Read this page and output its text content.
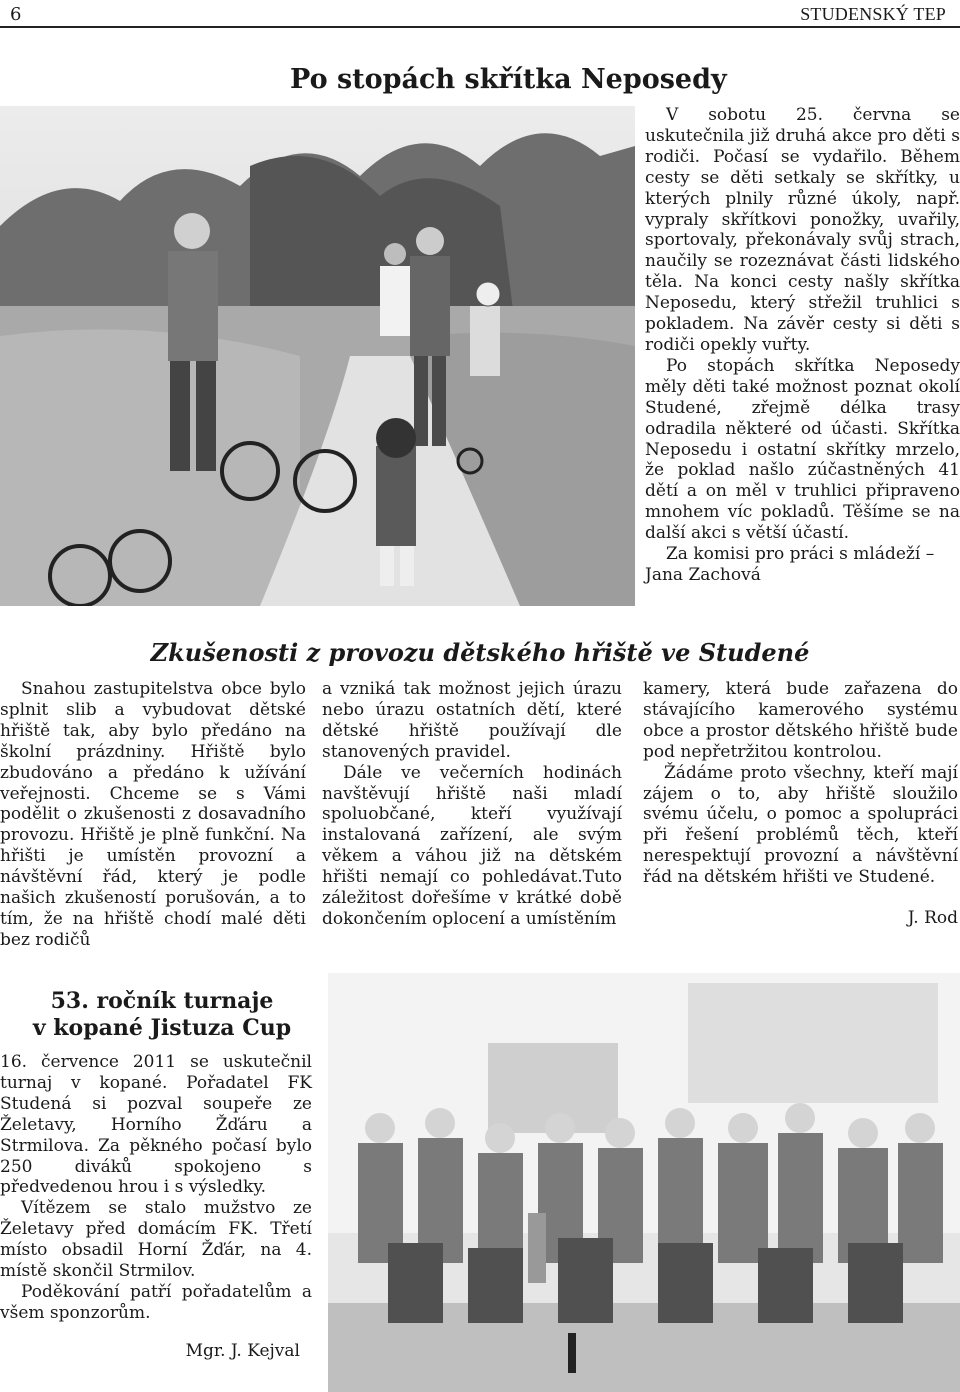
6	STUDENSKÝ TEP
Po stopách skřítka Neposedy

V sobotu 25. června se uskutečnila již druhá akce pro děti s rodiči. Počasí se vydařilo. Během cesty se děti setkaly se skřítky, u kterých plnily různé úkoly, např. vypraly skřítkovi ponožky, uvařily, sportovaly, překonávaly svůj strach, naučily se rozeznávat části lidského těla. Na konci cesty našly skřítka Neposedu, který střežil truhlici s pokladem. Na závěr cesty si děti s rodiči opekly vuřty.

Po stopách skřítka Neposedy měly děti také možnost poznat okolí Studené, zřejmě délka trasy odradila některé od účasti. Skřítka Neposedu i ostatní skřítky mrzelo, že poklad našlo zúčastněných 41 dětí a on měl v truhlici připraveno mnohem víc pokladů. Těšíme se na další akci s větší účastí.

Za komisi pro práci s mládeží –

Jana Zachová

Zkušenosti z provozu dětského hřiště ve Studené

Snahou zastupitelstva obce bylo splnit slib a vybudovat dětské hřiště tak, aby bylo předáno na školní prázdniny. Hřiště bylo zbudováno a předáno k užívání veřejnosti. Chceme se s Vámi podělit o zkušenosti z dosavadního provozu. Hřiště je plně funkční. Na hřišti je umístěn provozní a návštěvní řád, který je podle našich zkušeností porušován, a to tím, že na hřiště chodí malé děti bez rodičů

a vzniká tak možnost jejich úrazu nebo úrazu ostatních dětí, které dětské hřiště používají dle stanovených pravidel.

Dále ve večerních hodinách navštěvují hřiště naši mladí spoluobčané, kteří využívají instalovaná zařízení, ale svým věkem a váhou již na dětském hřišti nemají co pohledávat.Tuto záležitost dořešíme v krátké době dokončením oplocení a umístěním

kamery, která bude zařazena do stávajícího kamerového systému obce a prostor dětského hřiště bude pod nepřetržitou kontrolou.

Žádáme proto všechny, kteří mají zájem o to, aby hřiště sloužilo svému účelu, o pomoc a spolupráci při řešení problémů těch, kteří nerespektují provozní a návštěvní řád na dětském hřišti ve Studené.

J. Rod

53. ročník turnaje
v kopané Jistuza Cup

16. července 2011 se uskutečnil turnaj v kopané. Pořadatel FK Studená si pozval soupeře ze Želetavy, Horního Žďáru a Strmilova. Za pěkného počasí bylo 250 diváků spokojeno s předvedenou hrou i s výsledky.

Vítězem se stalo mužstvo ze Želetavy před domácím FK. Třetí místo obsadil Horní Žďár, na 4. místě skončil Strmilov.

Poděkování patří pořadatelům a všem sponzorům.

Mgr. J. Kejval
